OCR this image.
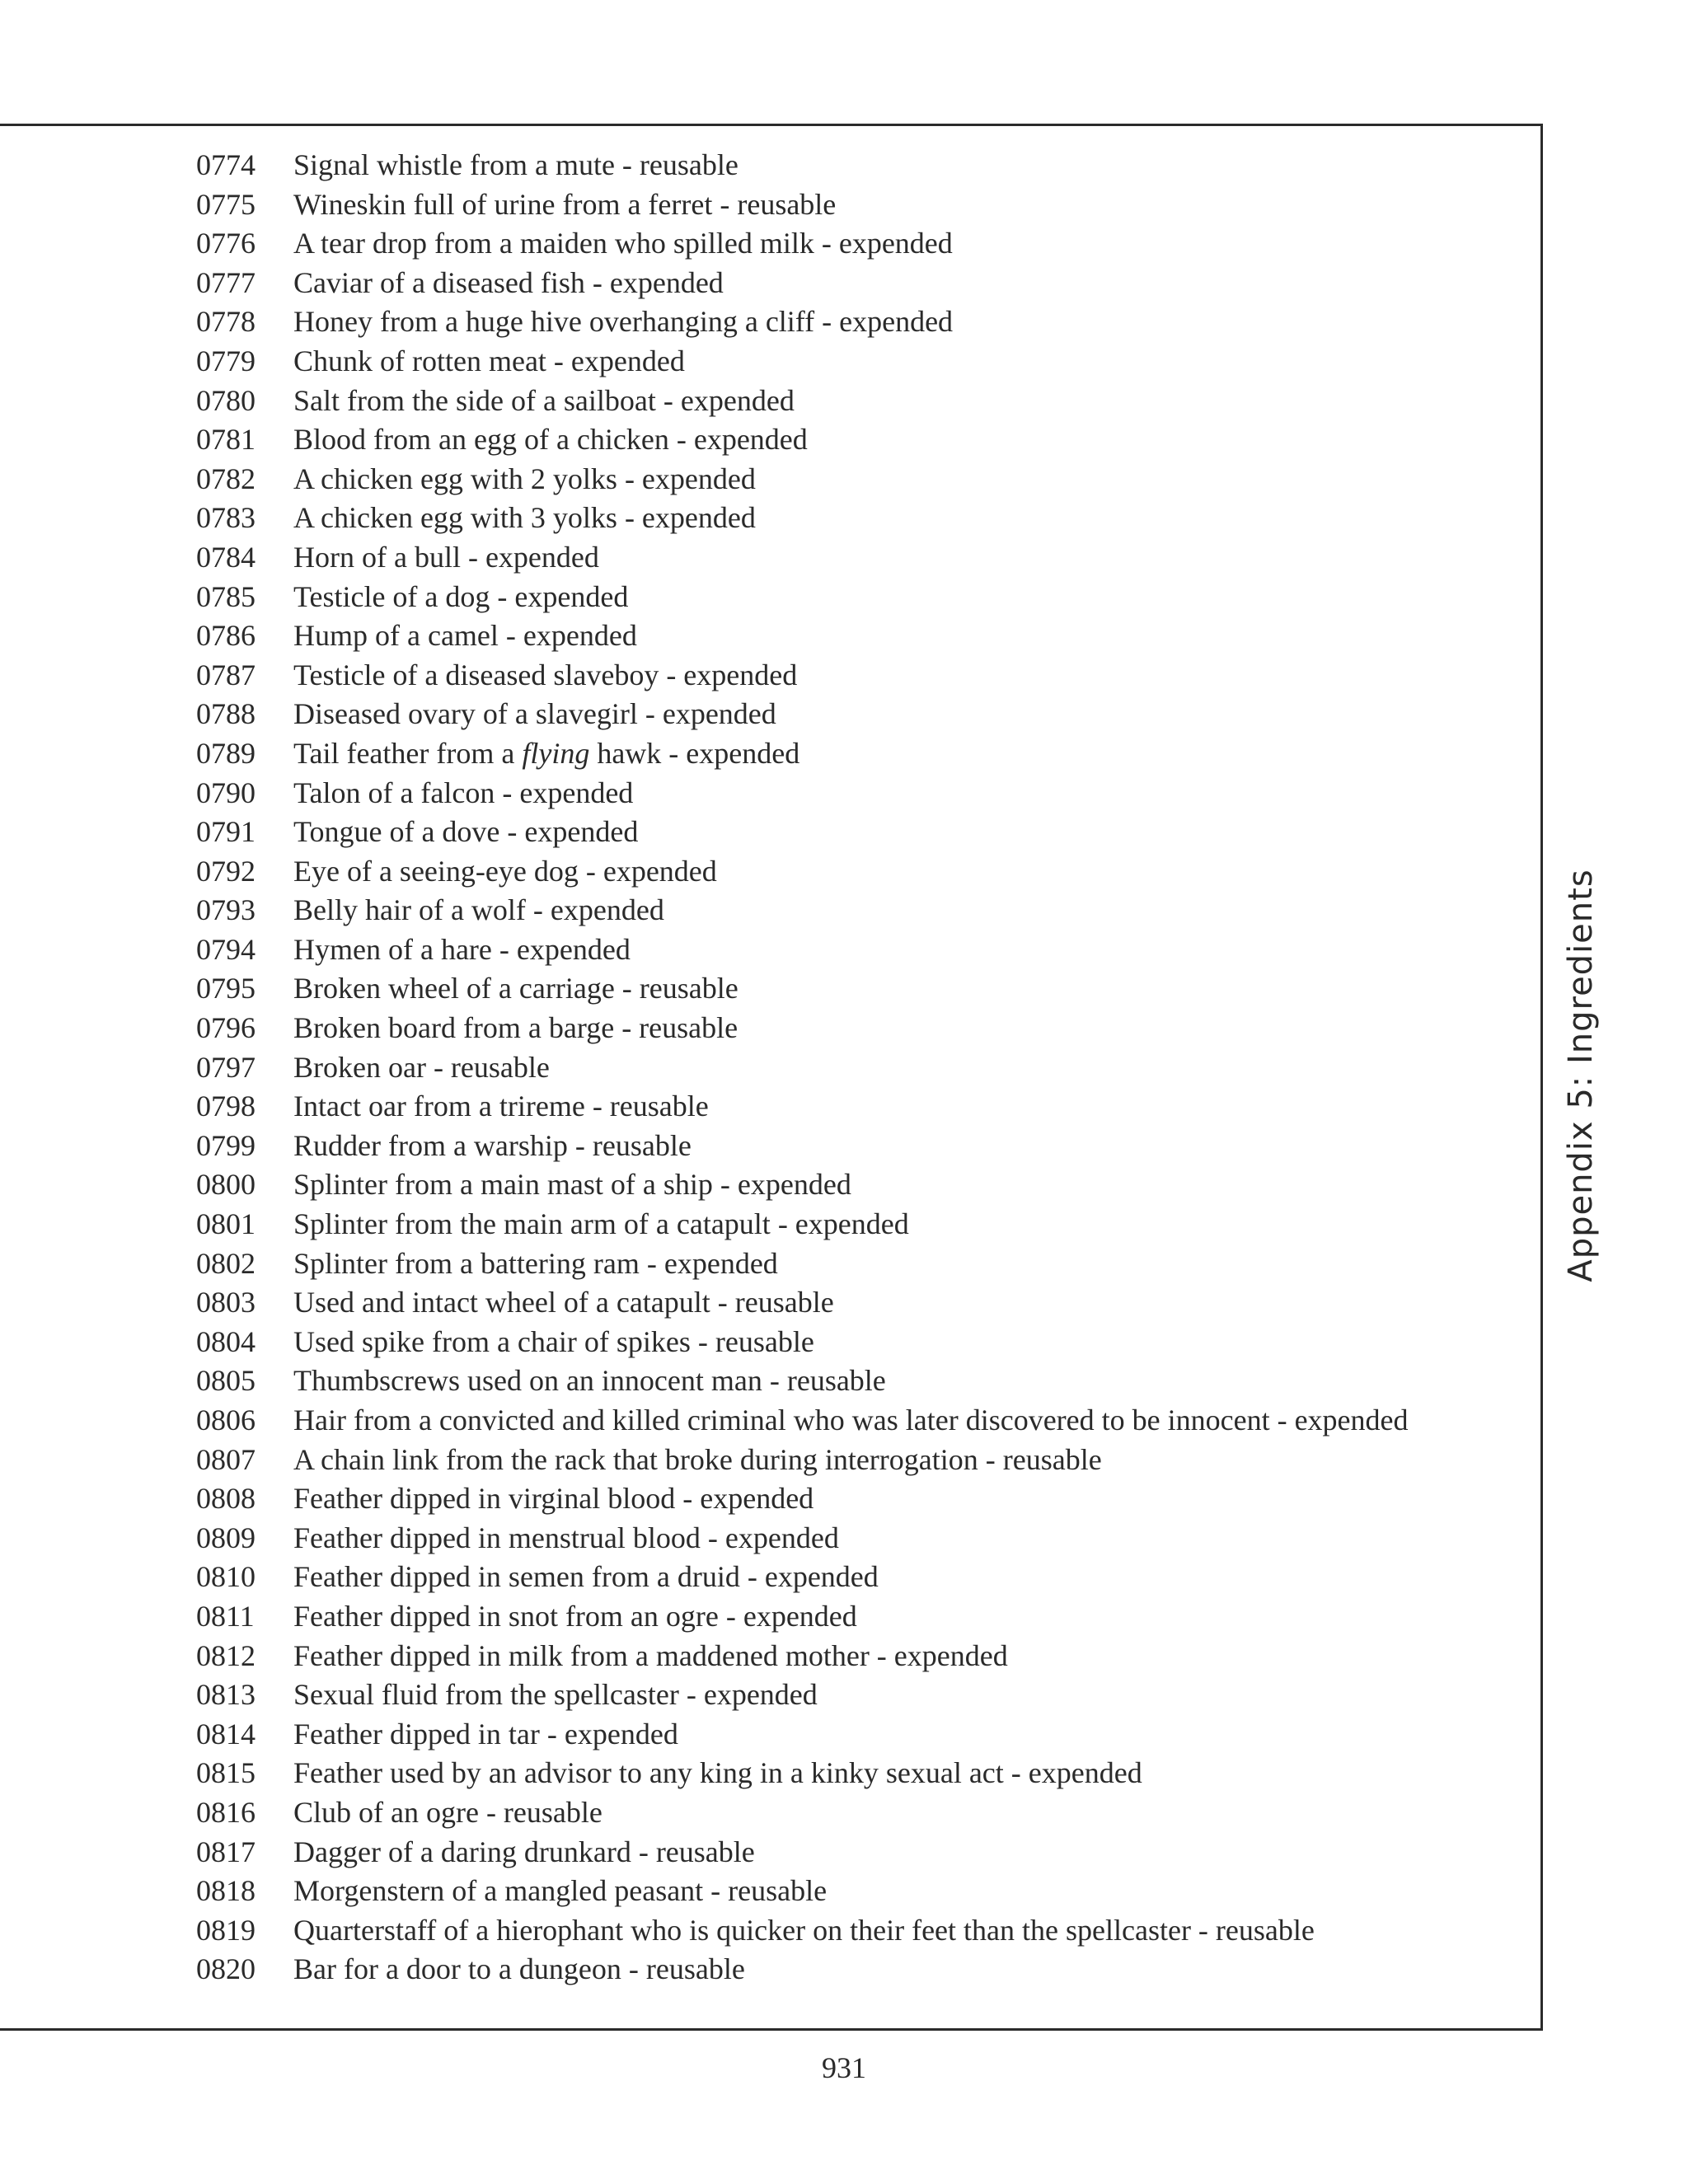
0774 Signal whistle from a mute - reusable
0775 Wineskin full of urine from a ferret - reusable
0776 A tear drop from a maiden who spilled milk - expended
0777 Caviar of a diseased fish - expended
0778 Honey from a huge hive overhanging a cliff - expended
0779 Chunk of rotten meat - expended
0780 Salt from the side of a sailboat - expended
0781 Blood from an egg of a chicken - expended
0782 A chicken egg with 2 yolks - expended
0783 A chicken egg with 3 yolks - expended
0784 Horn of a bull - expended
0785 Testicle of a dog - expended
0786 Hump of a camel - expended
0787 Testicle of a diseased slaveboy - expended
0788 Diseased ovary of a slavegirl - expended
0789 Tail feather from a flying hawk - expended
0790 Talon of a falcon - expended
0791 Tongue of a dove - expended
0792 Eye of a seeing-eye dog - expended
0793 Belly hair of a wolf - expended
0794 Hymen of a hare - expended
0795 Broken wheel of a carriage - reusable
0796 Broken board from a barge - reusable
0797 Broken oar - reusable
0798 Intact oar from a trireme - reusable
0799 Rudder from a warship - reusable
0800 Splinter from a main mast of a ship - expended
0801 Splinter from the main arm of a catapult - expended
0802 Splinter from a battering ram - expended
0803 Used and intact wheel of a catapult - reusable
0804 Used spike from a chair of spikes - reusable
0805 Thumbscrews used on an innocent man - reusable
0806 Hair from a convicted and killed criminal who was later discovered to be innocent - expended
0807 A chain link from the rack that broke during interrogation - reusable
0808 Feather dipped in virginal blood - expended
0809 Feather dipped in menstrual blood - expended
0810 Feather dipped in semen from a druid - expended
0811 Feather dipped in snot from an ogre - expended
0812 Feather dipped in milk from a maddened mother - expended
0813 Sexual fluid from the spellcaster - expended
0814 Feather dipped in tar - expended
0815 Feather used by an advisor to any king in a kinky sexual act - expended
0816 Club of an ogre - reusable
0817 Dagger of a daring drunkard - reusable
0818 Morgenstern of a mangled peasant - reusable
0819 Quarterstaff of a hierophant who is quicker on their feet than the spellcaster - reusable
0820 Bar for a door to a dungeon - reusable
Appendix 5: Ingredients
931
